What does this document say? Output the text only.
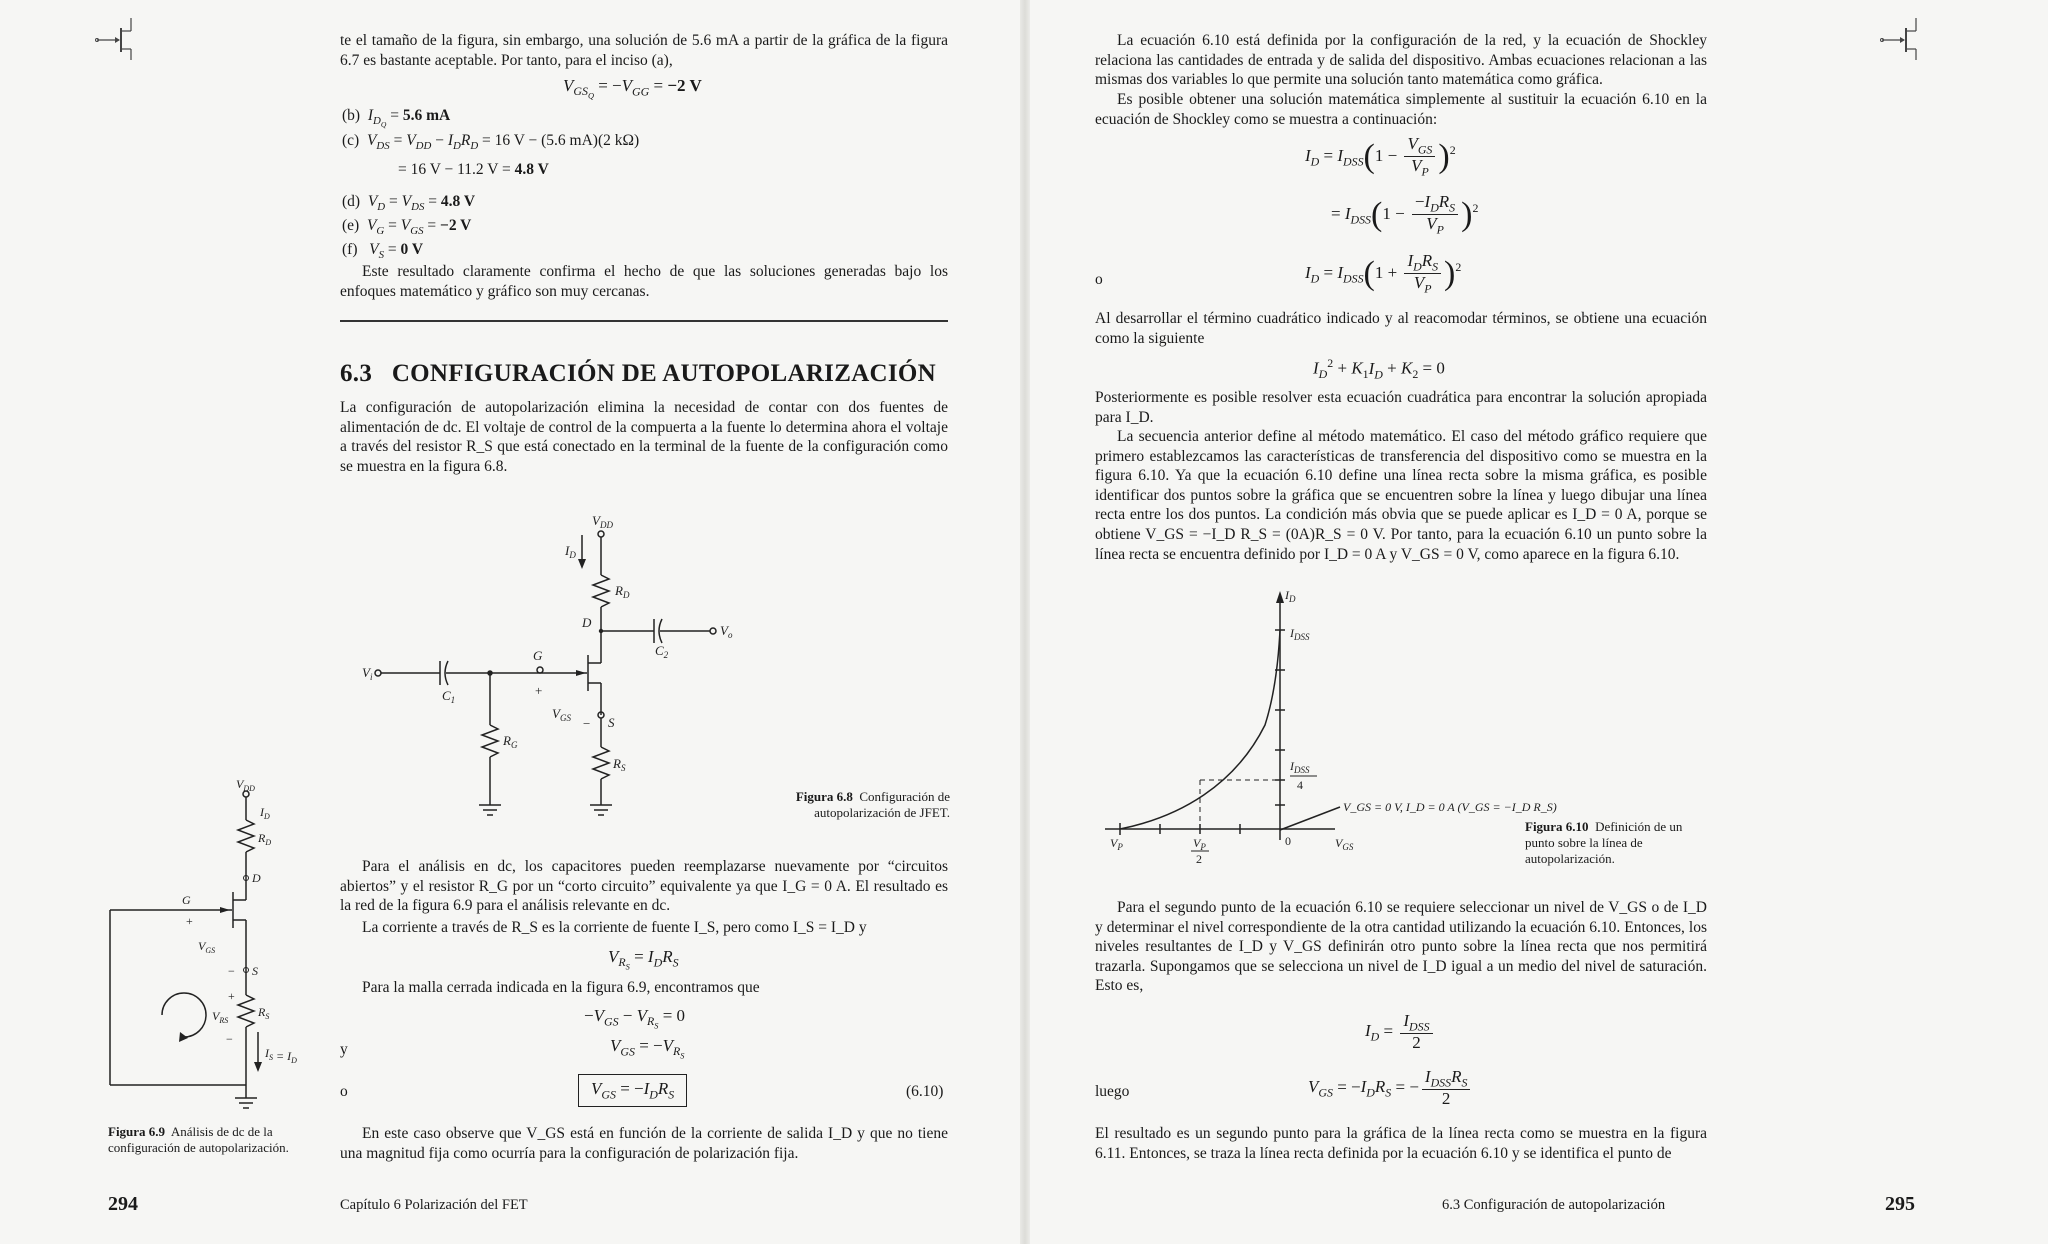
te el tamaño de la figura, sin embargo, una solución de 5.6 mA a partir de la gráfica de la figura 6.7 es bastante aceptable. Por tanto, para el inciso (a),
$V_{GS_Q} = -V_{GG} = -2$ V
(b)  $I_{D_Q} = 5.6$ mA
(c)  $V_{DS} = V_{DD} - I_DR_D = 16$ V − (5.6 mA)(2 kΩ)
= 16 V − 11.2 V = 4.8 V
(d)  $V_D = V_{DS} = 4.8$ V
(e)  $V_G = V_{GS} = -2$ V
(f)   $V_S = 0$ V
Este resultado claramente confirma el hecho de que las soluciones generadas bajo los enfoques matemático y gráfico son muy cercanas.
6.3 CONFIGURACIÓN DE AUTOPOLARIZACIÓN
La configuración de autopolarización elimina la necesidad de contar con dos fuentes de alimentación de dc. El voltaje de control de la compuerta a la fuente lo determina ahora el voltaje a través del resistor R_S que está conectado en la terminal de la fuente de la configuración como se muestra en la figura 6.8.
$V_{DD}$
$I_D$
$R_D$
D
$C_2$
$V_o$
G
+
$V_{GS} - S$
$R_S$
$V_i$
$C_1$
$R_G$
Figura 6.8 Configuración de autopolarización de JFET.
Para el análisis en dc, los capacitores pueden reemplazarse nuevamente por “circuitos abiertos” y el resistor R_G por un “corto circuito” equivalente ya que I_G = 0 A. El resultado es la red de la figura 6.9 para el análisis relevante en dc.
La corriente a través de R_S es la corriente de fuente I_S, pero como I_S = I_D y
$V_{R_S} = I_DR_S$
Para la malla cerrada indicada en la figura 6.9, encontramos que
$-V_{GS} - V_{R_S} = 0$
y	$V_{GS} = -V_{R_S}$
o	$V_{GS} = -I_DR_S$	(6.10)
En este caso observe que V_GS está en función de la corriente de salida I_D y que no tiene una magnitud fija como ocurría para la configuración de polarización fija.
$V_{DD}$
$I_D$
$R_D$
D
G
+
$V_{GS}$
− S
+
$V_{RS}$
$R_S$
−
$I_S = I_D$
Figura 6.9 Análisis de dc de la configuración de autopolarización.
294	Capítulo 6 Polarización del FET
La ecuación 6.10 está definida por la configuración de la red, y la ecuación de Shockley relaciona las cantidades de entrada y de salida del dispositivo. Ambas ecuaciones relacionan a las mismas dos variables lo que permite una solución tanto matemática como gráfica.
Es posible obtener una solución matemática simplemente al sustituir la ecuación 6.10 en la ecuación de Shockley como se muestra a continuación:
$I_D = I_{DSS}(1 - \frac{V_{GS}}{V_P} )^2$
= $I_{DSS}(1 - \frac{-I_DR_S}{V_P} )^2$
o	$I_D = I_{DSS}(1 + \frac{I_DR_S}{V_P} )^2$
Al desarrollar el término cuadrático indicado y al reacomodar términos, se obtiene una ecuación como la siguiente
$I_D^2 + K_1I_D + K_2 = 0$
Posteriormente es posible resolver esta ecuación cuadrática para encontrar la solución apropiada para I_D.
La secuencia anterior define al método matemático. El caso del método gráfico requiere que primero establezcamos las características de transferencia del dispositivo como se muestra en la figura 6.10. Ya que la ecuación 6.10 define una línea recta sobre la misma gráfica, es posible identificar dos puntos sobre la gráfica que se encuentren sobre la línea y luego dibujar una línea recta entre los dos puntos. La condición más obvia que se puede aplicar es I_D = 0 A, porque se obtiene V_GS = −I_D R_S = (0A)R_S = 0 V. Por tanto, para la ecuación 6.10 un punto sobre la línea recta se encuentra definido por I_D = 0 A y V_GS = 0 V, como aparece en la figura 6.10.
$I_D$
$I_{DSS}$
$I_{DSS}$
4
V_GS = 0 V, I_D = 0 A (V_GS = −I_D R_S)
0	$V_{GS}$
$V_P$	$V_P$
2
Figura 6.10 Definición de un punto sobre la línea de autopolarización.
Para el segundo punto de la ecuación 6.10 se requiere seleccionar un nivel de V_GS o de I_D y determinar el nivel correspondiente de la otra cantidad utilizando la ecuación 6.10. Entonces, los niveles resultantes de I_D y V_GS definirán otro punto sobre la línea recta que nos permitirá trazarla. Supongamos que se selecciona un nivel de I_D igual a un medio del nivel de saturación. Esto es,
$I_D = \frac{I_{DSS}}{2}$
luego	$V_{GS} = -I_DR_S$ = − $\frac{I_{DSS}R_S}{2}$
El resultado es un segundo punto para la gráfica de la línea recta como se muestra en la figura 6.11. Entonces, se traza la línea recta definida por la ecuación 6.10 y se identifica el punto de
6.3 Configuración de autopolarización	295
